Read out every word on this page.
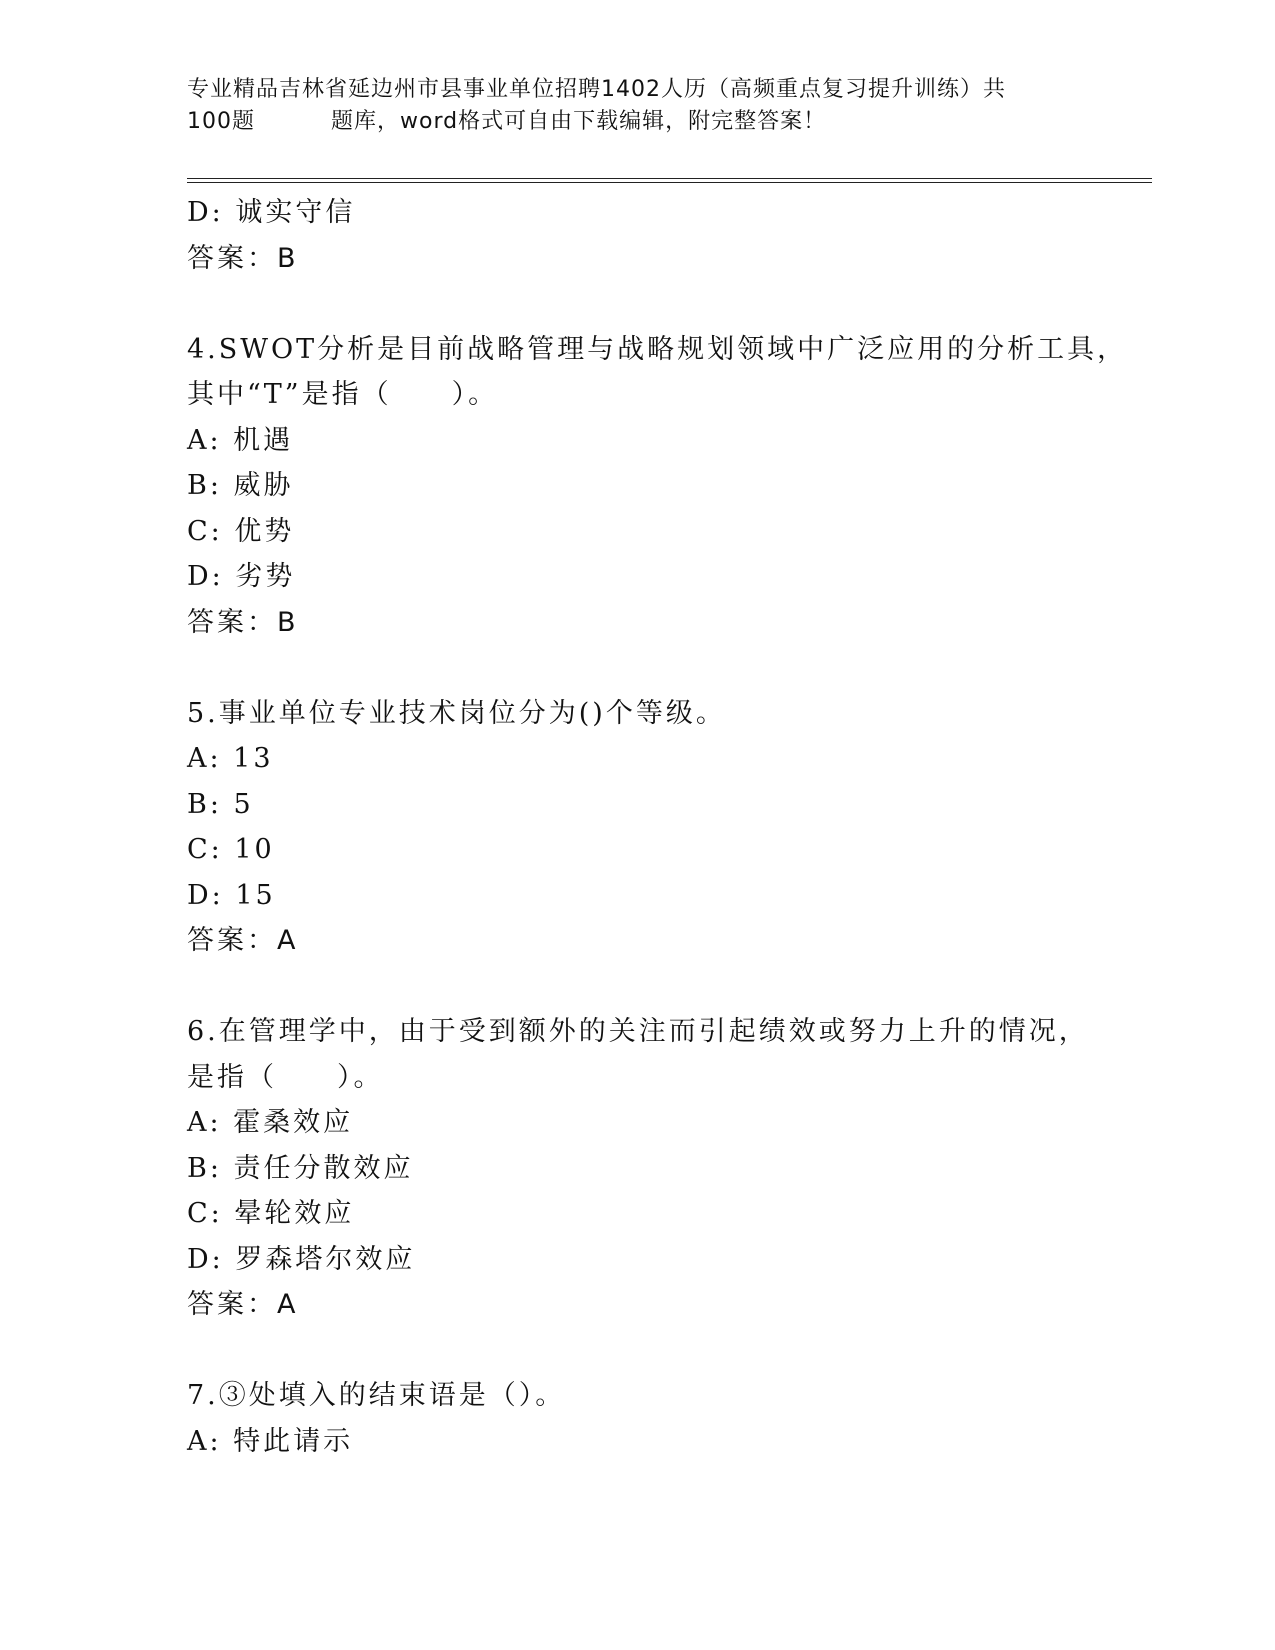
专业精品吉林省延边州市县事业单位招聘1402人历（高频重点复习提升训练）共
100题	题库，word格式可自由下载编辑，附完整答案！
D: 诚实守信
答案：B
4.SWOT分析是目前战略管理与战略规划领域中广泛应用的分析工具，
其中“T”是指（　　）。
A: 机遇
B: 威胁
C: 优势
D: 劣势
答案：B
5.事业单位专业技术岗位分为()个等级。
A: 13
B: 5
C: 10
D: 15
答案：A
6.在管理学中，由于受到额外的关注而引起绩效或努力上升的情况，
是指（　　）。
A: 霍桑效应
B: 责任分散效应
C: 晕轮效应
D: 罗森塔尔效应
答案：A
7.③处填入的结束语是（）。
A: 特此请示
